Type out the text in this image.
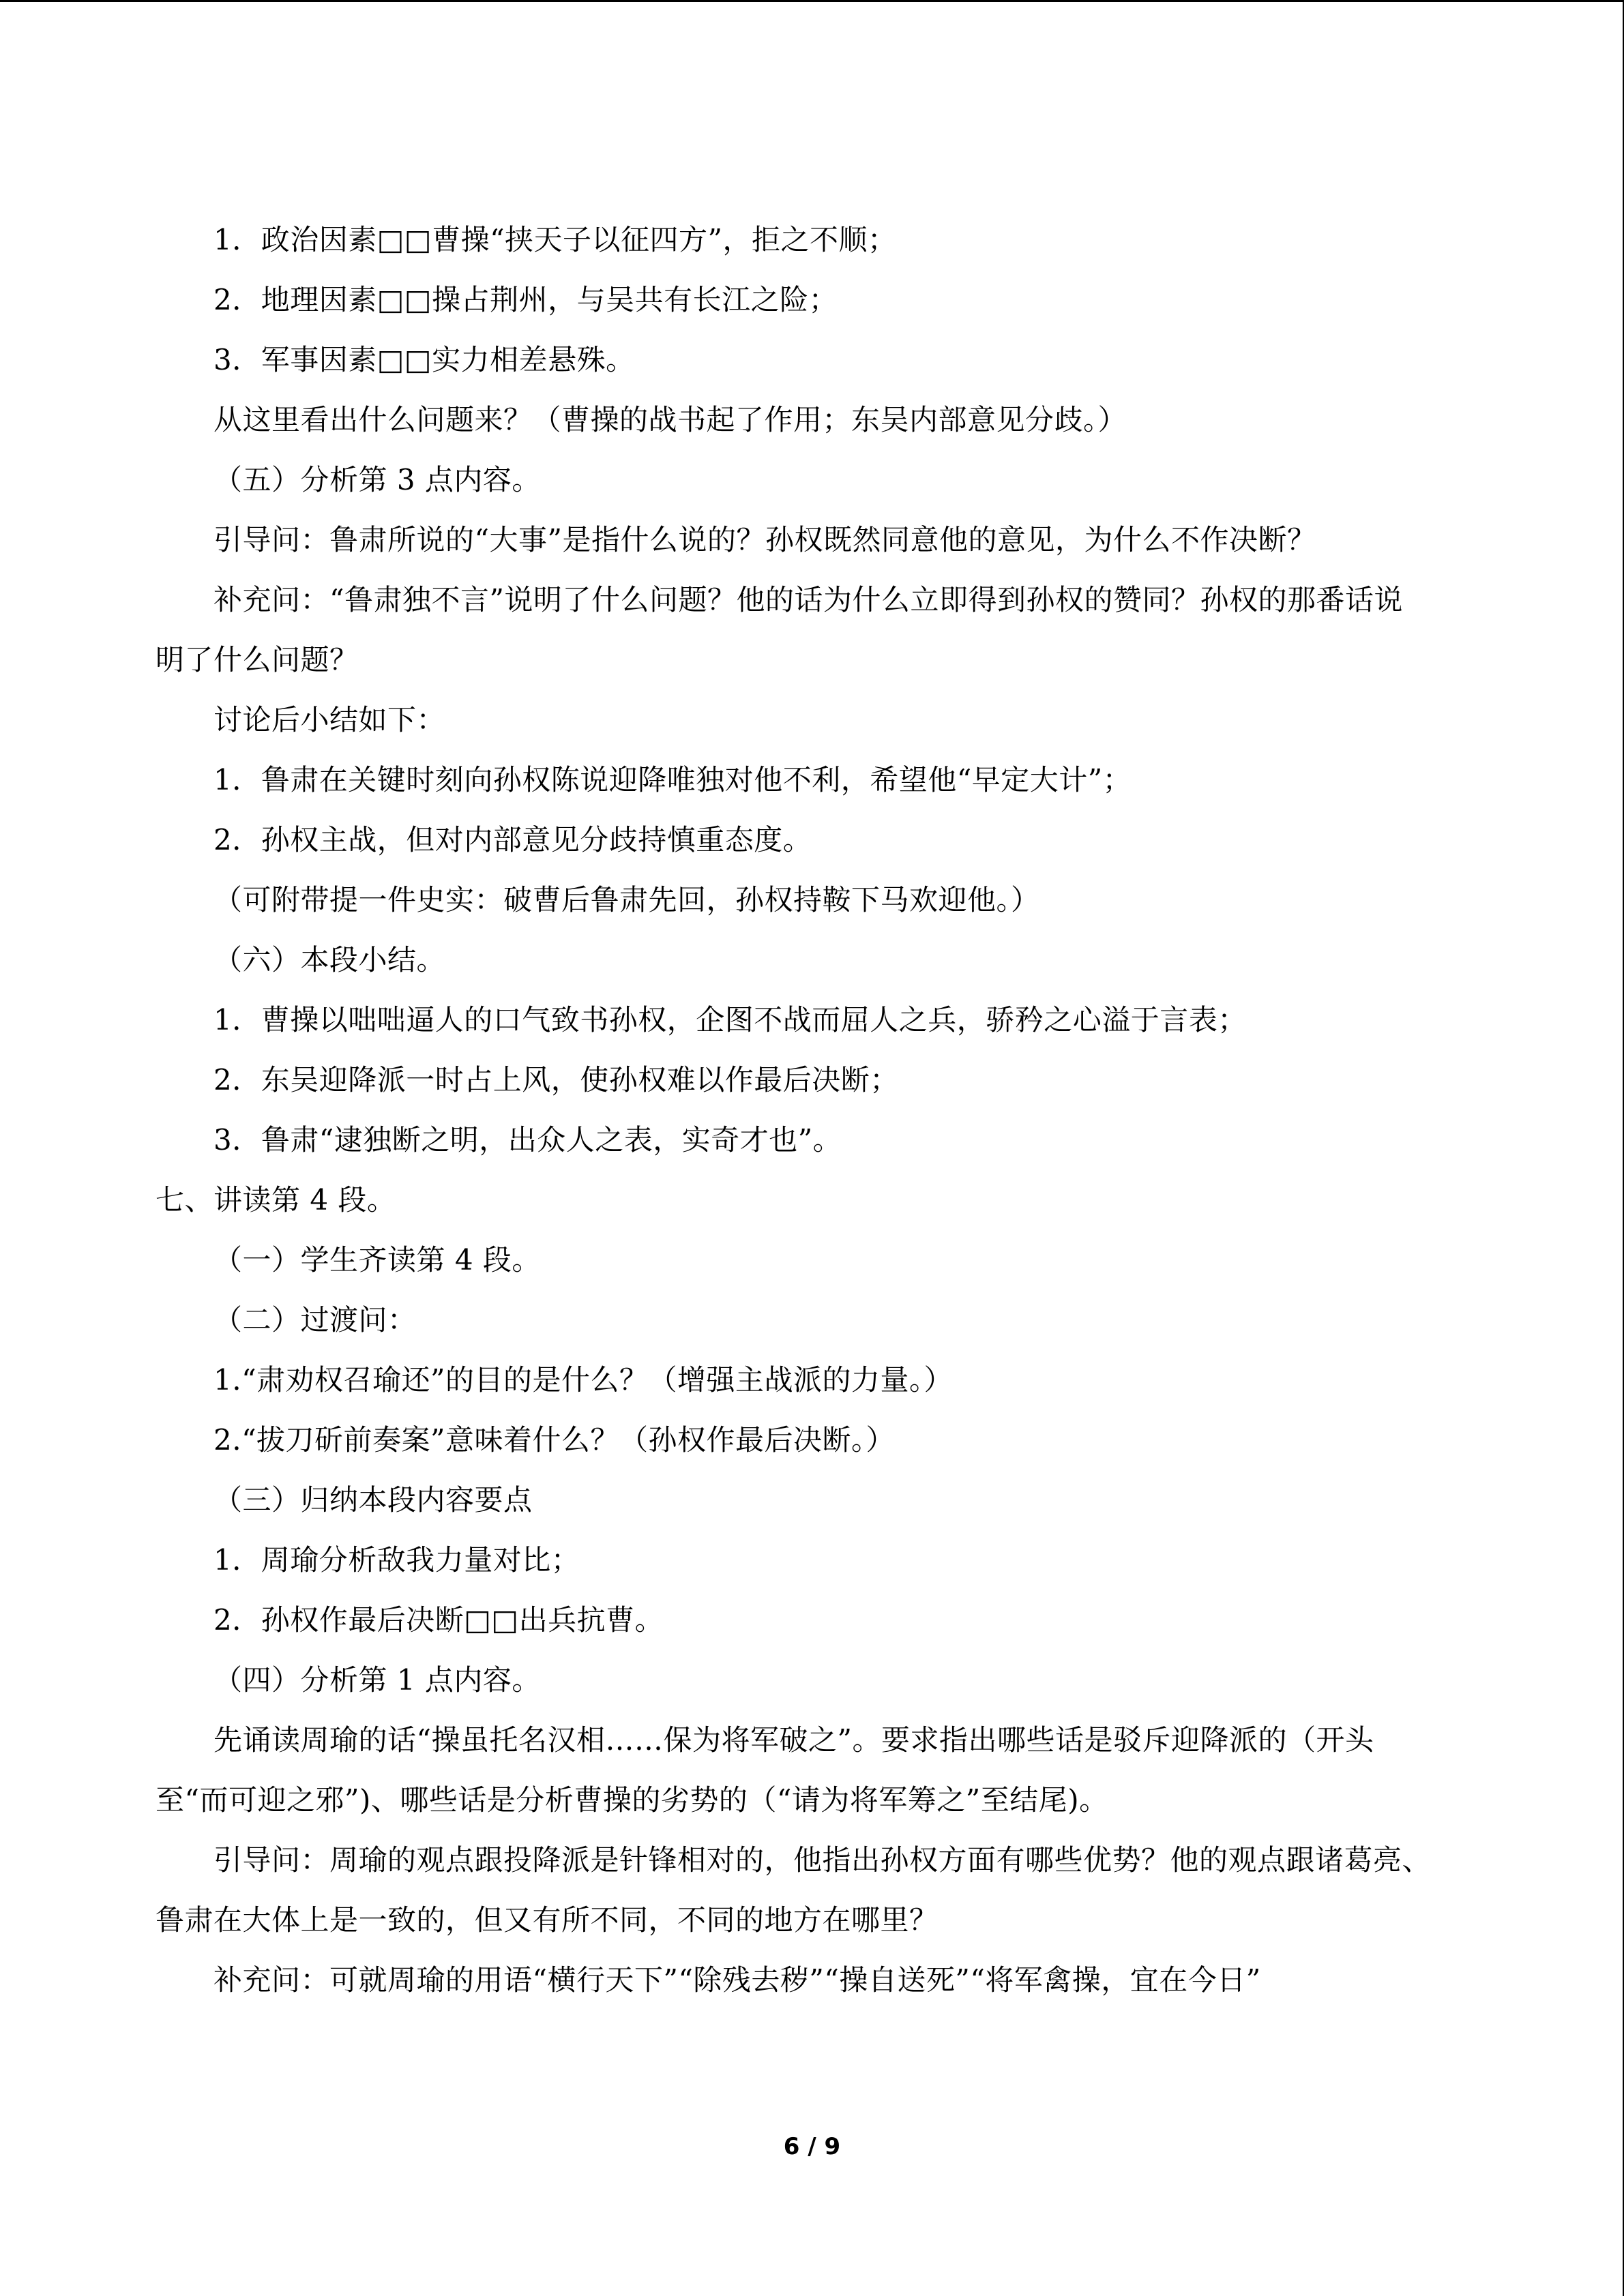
1．政治因素□□曹操“挟天子以征四方”，拒之不顺；

2．地理因素□□操占荆州，与吴共有长江之险；

3．军事因素□□实力相差悬殊。

从这里看出什么问题来？（曹操的战书起了作用；东吴内部意见分歧。）

（五）分析第 3 点内容。

引导问：鲁肃所说的“大事”是指什么说的？孙权既然同意他的意见，为什么不作决断？

补充问：“鲁肃独不言”说明了什么问题？他的话为什么立即得到孙权的赞同？孙权的那番话说明了什么问题？

讨论后小结如下：

1．鲁肃在关键时刻向孙权陈说迎降唯独对他不利，希望他“早定大计”；

2．孙权主战，但对内部意见分歧持慎重态度。

（可附带提一件史实：破曹后鲁肃先回，孙权持鞍下马欢迎他。）

（六）本段小结。

1．曹操以咄咄逼人的口气致书孙权，企图不战而屈人之兵，骄矜之心溢于言表；

2．东吴迎降派一时占上风，使孙权难以作最后决断；

3．鲁肃“逮独断之明，出众人之表，实奇才也”。

七、讲读第 4 段。

（一）学生齐读第 4 段。

（二）过渡问：

1.“肃劝权召瑜还”的目的是什么？（增强主战派的力量。）

2.“拔刀斫前奏案”意味着什么？（孙权作最后决断。）

（三）归纳本段内容要点

1．周瑜分析敌我力量对比；

2．孙权作最后决断□□出兵抗曹。

（四）分析第 1 点内容。

先诵读周瑜的话“操虽托名汉相……保为将军破之”。要求指出哪些话是驳斥迎降派的（开头至“而可迎之邪”)、哪些话是分析曹操的劣势的（“请为将军筹之”至结尾)。

引导问：周瑜的观点跟投降派是针锋相对的，他指出孙权方面有哪些优势？他的观点跟诸葛亮、鲁肃在大体上是一致的，但又有所不同，不同的地方在哪里？

补充问：可就周瑜的用语“横行天下”“除残去秽”“操自送死”“将军禽操，宜在今日”

6 / 9
